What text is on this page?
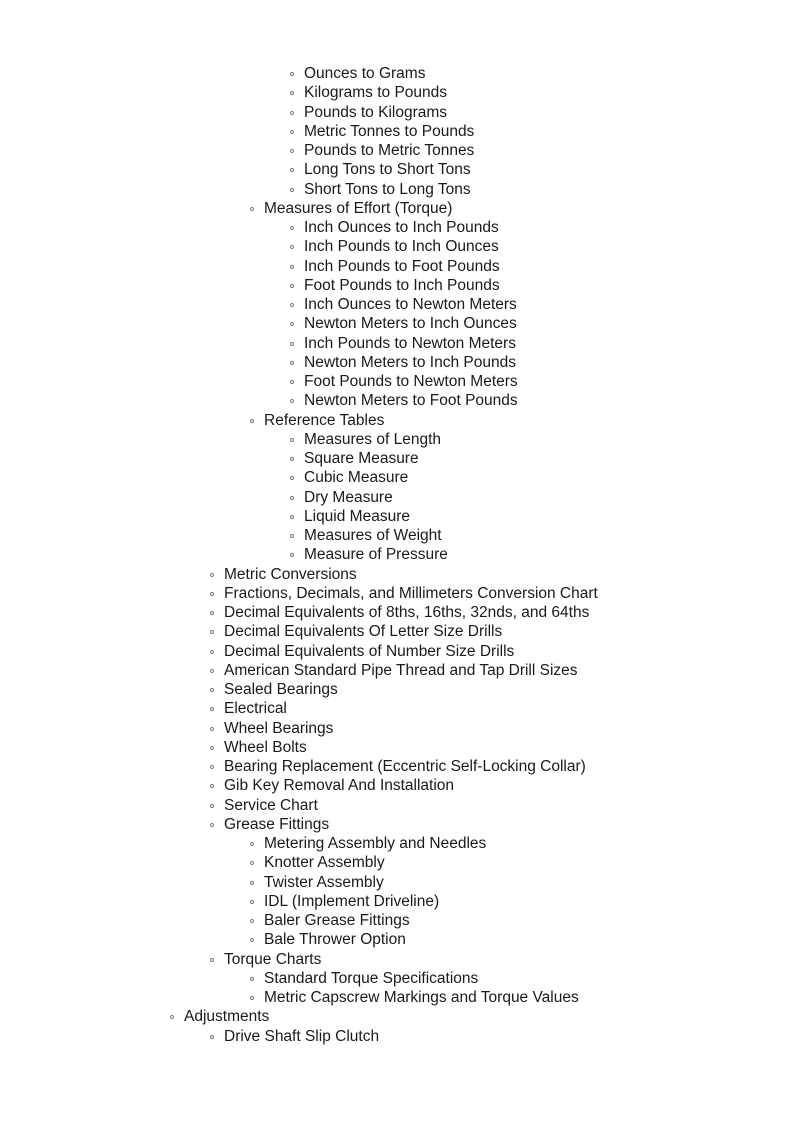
Ounces to Grams
Kilograms to Pounds
Pounds to Kilograms
Metric Tonnes to Pounds
Pounds to Metric Tonnes
Long Tons to Short Tons
Short Tons to Long Tons
Measures of Effort (Torque)
Inch Ounces to Inch Pounds
Inch Pounds to Inch Ounces
Inch Pounds to Foot Pounds
Foot Pounds to Inch Pounds
Inch Ounces to Newton Meters
Newton Meters to Inch Ounces
Inch Pounds to Newton Meters
Newton Meters to Inch Pounds
Foot Pounds to Newton Meters
Newton Meters to Foot Pounds
Reference Tables
Measures of Length
Square Measure
Cubic Measure
Dry Measure
Liquid Measure
Measures of Weight
Measure of Pressure
Metric Conversions
Fractions, Decimals, and Millimeters Conversion Chart
Decimal Equivalents of 8ths, 16ths, 32nds, and 64ths
Decimal Equivalents Of Letter Size Drills
Decimal Equivalents of Number Size Drills
American Standard Pipe Thread and Tap Drill Sizes
Sealed Bearings
Electrical
Wheel Bearings
Wheel Bolts
Bearing Replacement (Eccentric Self-Locking Collar)
Gib Key Removal And Installation
Service Chart
Grease Fittings
Metering Assembly and Needles
Knotter Assembly
Twister Assembly
IDL (Implement Driveline)
Baler Grease Fittings
Bale Thrower Option
Torque Charts
Standard Torque Specifications
Metric Capscrew Markings and Torque Values
Adjustments
Drive Shaft Slip Clutch
